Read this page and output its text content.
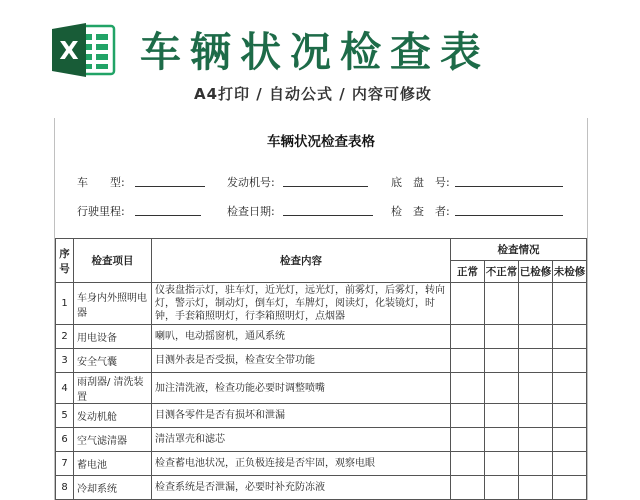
X 车辆状况检查表
A4打印 / 自动公式 / 内容可修改
车辆状况检查表格
车　　型:	发动机号:	底　盘　号:
行驶里程:	检查日期:	检　查　者:
序号	检查项目	检查内容	检查情况			
			正常	不正常	已检修	未检修
1	车身内外照明电器	仪表盘指示灯，驻车灯，近光灯，远光灯，前雾灯，后雾灯，转向灯，警示灯，制动灯，倒车灯，车牌灯，阅读灯，化装镜灯，时钟，手套箱照明灯，行李箱照明灯，点烟器				
2	用电设备	喇叭，电动摇窗机，通风系统				
3	安全气囊	目测外表是否受损，检查安全带功能				
4	雨刮器/ 清洗装置	加注清洗液，检查功能必要时调整喷嘴				
5	发动机舱	目测各零件是否有损坏和泄漏				
6	空气滤清器	清洁罩壳和滤芯				
7	蓄电池	检查蓄电池状况，正负极连接是否牢固，观察电眼				
8	冷却系统	检查系统是否泄漏，必要时补充防冻液				
